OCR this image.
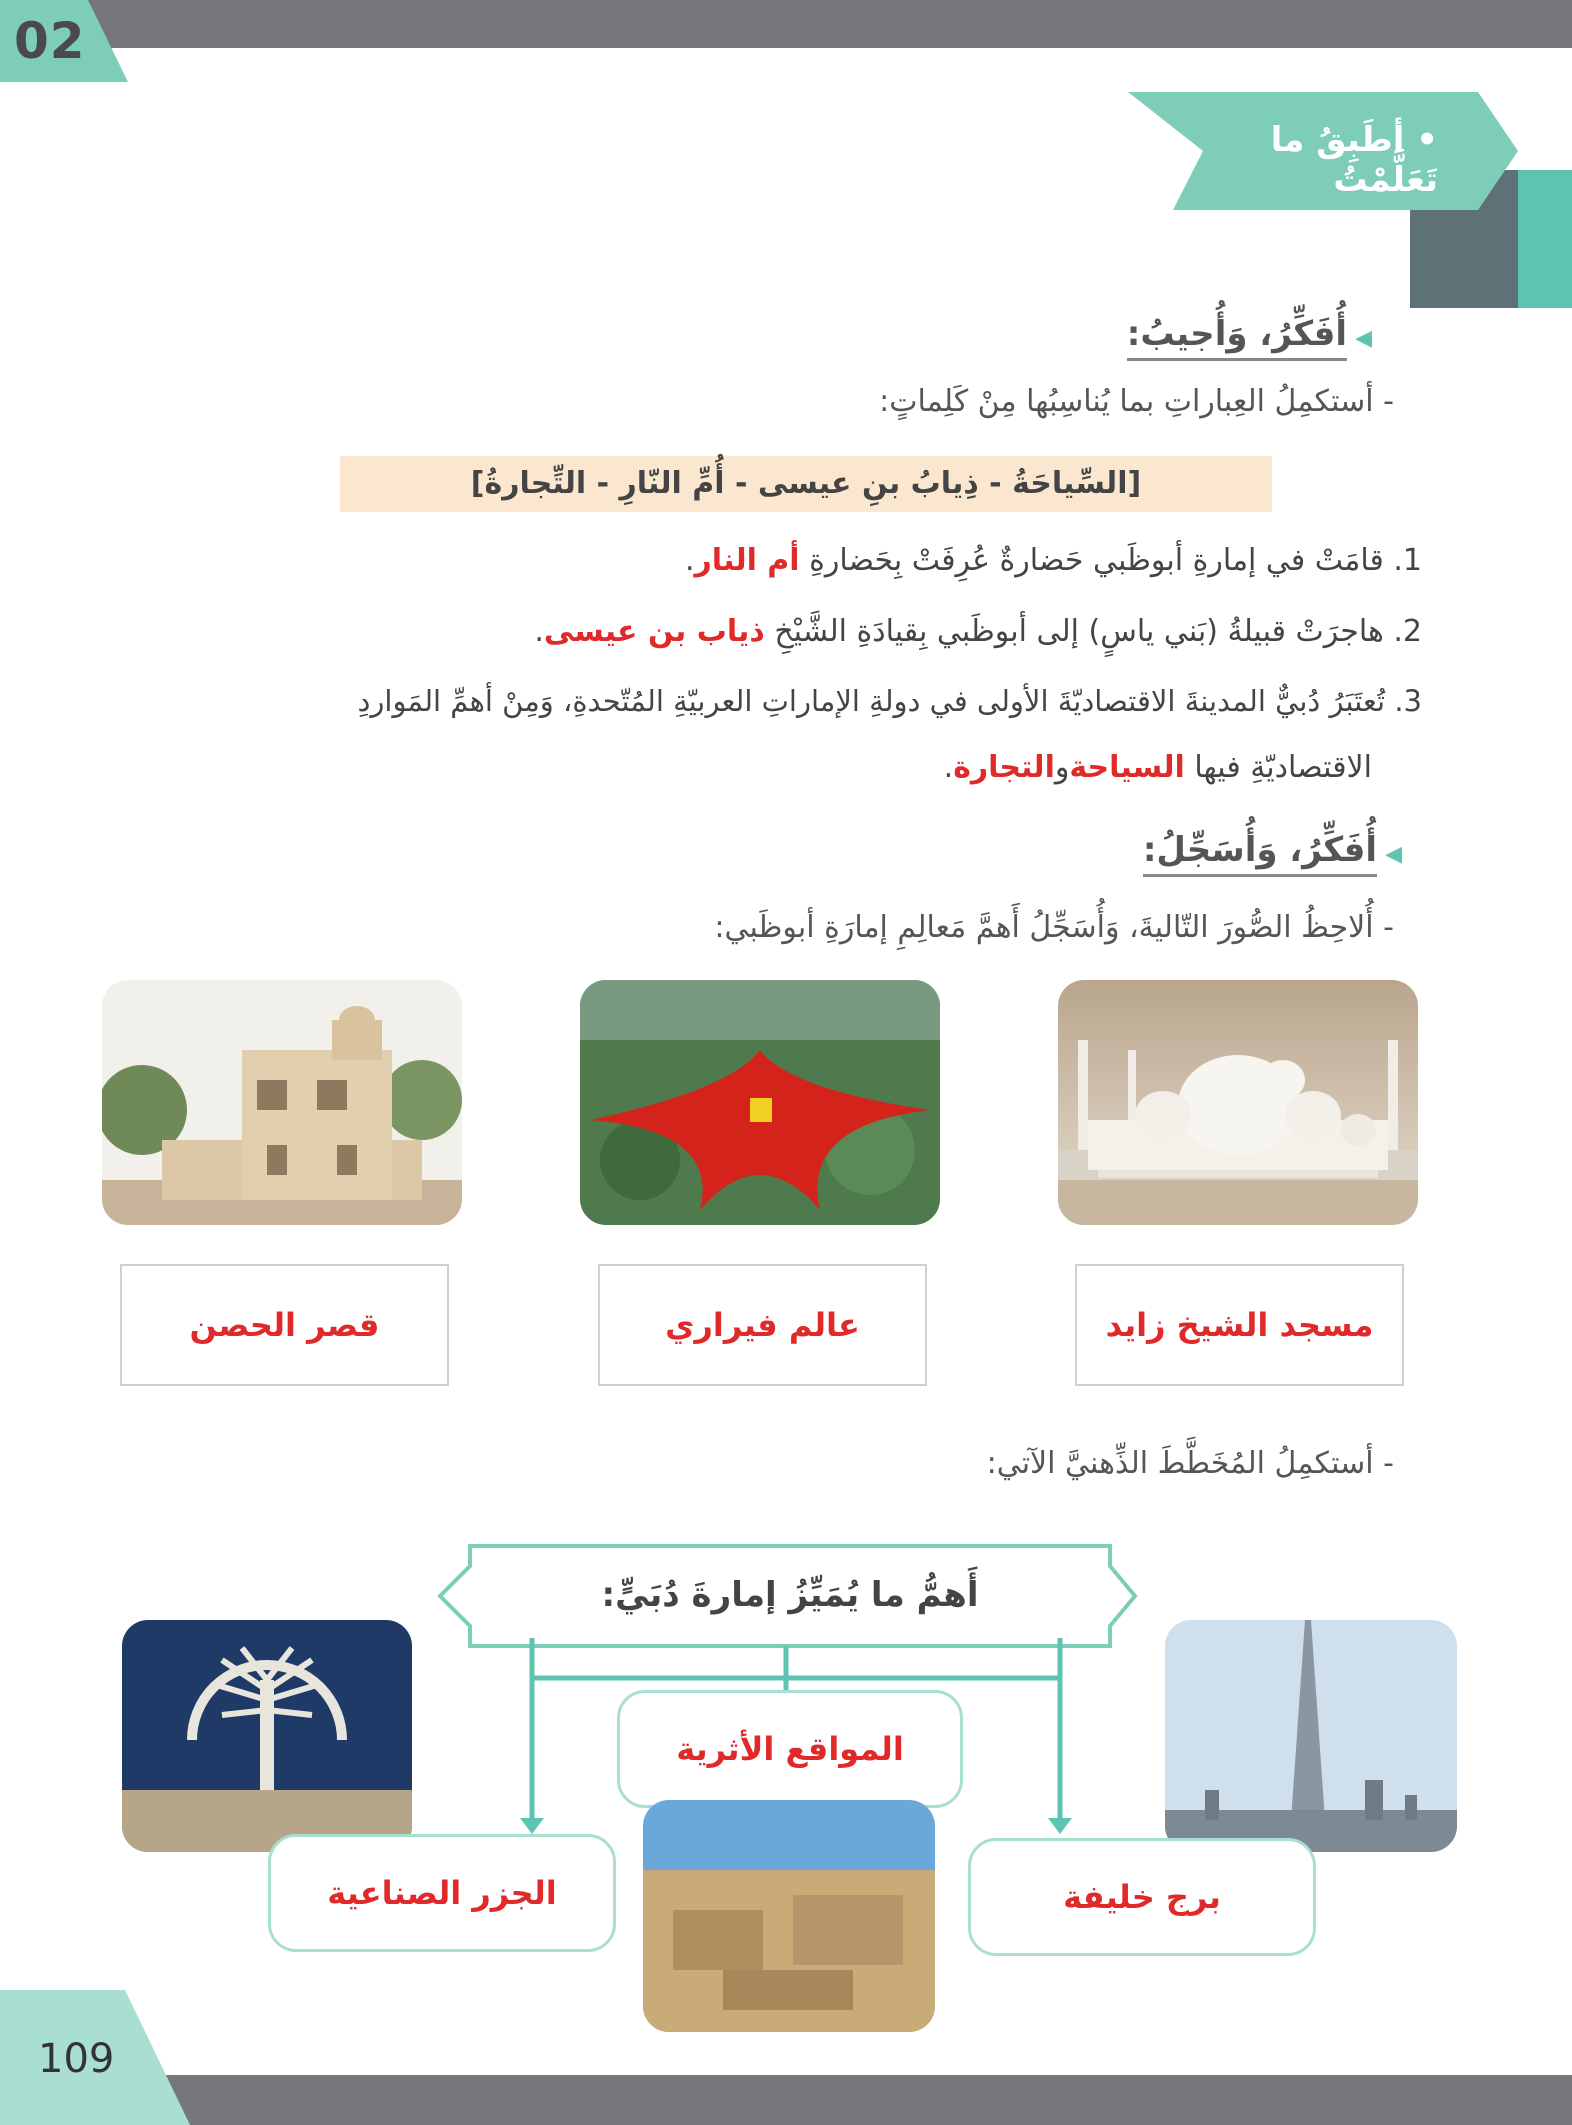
02
• أطَبِقُ ما تَعَلَّمْتُ
◀أُفَكِّرُ، وَأُجيبُ:
- أستكمِلُ العِباراتِ بما يُناسِبُها مِنْ كَلِماتٍ:
[السِّياحَةُ - ذِيابُ بنِ عيسى - أُمِّ النّارِ - التِّجارةُ]
1. قامَتْ في إمارةِ أبوظَبي حَضارةٌ عُرِفَتْ بِحَضارةِ أم النار.
2. هاجرَتْ قبيلةُ (بَني ياسٍ) إلى أبوظَبي بِقيادَةِ الشَّيْخِ ذياب بن عيسى.
3. تُعتَبَرُ دُبيٌّ المدينةَ الاقتصاديّةَ الأولى في دولةِ الإماراتِ العربيّةِ المُتّحدةِ، وَمِنْ أهمِّ المَواردِ
الاقتصاديّةِ فيها السياحةوالتجارة.
◀أُفَكِّرُ، وَأُسَجِّلُ:
- أُلاحِظُ الصُّورَ التّاليةَ، وَأُسَجِّلُ أَهمَّ مَعالِمِ إمارَةِ أبوظَبي:
مسجد الشيخ زايد
عالم فيراري
قصر الحصن
- أستكمِلُ المُخَطَّطَ الذِّهنيَّ الآتي:
أَهمُّ ما يُمَيِّزُ إمارةَ دُبَيٍّ:
المواقع الأثرية
برج خليفة
الجزر الصناعية
109
